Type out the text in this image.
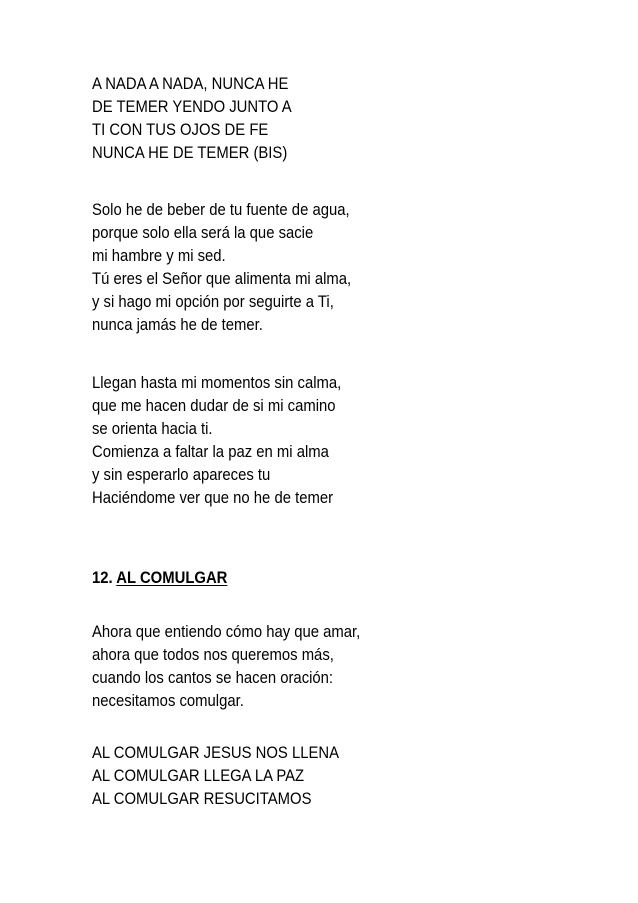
A NADA A NADA, NUNCA HE
DE TEMER YENDO JUNTO A
TI CON TUS OJOS DE FE
NUNCA HE DE TEMER (BIS)
Solo he de beber de tu fuente de agua,
porque solo ella será la que sacie
mi hambre y mi sed.
Tú eres el Señor que alimenta mi alma,
y si hago mi opción por seguirte a Ti,
nunca jamás he de temer.
Llegan hasta mi momentos sin calma,
que me hacen dudar de si mi camino
se orienta hacia ti.
Comienza a faltar la paz en mi alma
y sin esperarlo apareces tu
Haciéndome ver que no he de temer
12. AL COMULGAR
Ahora que entiendo cómo hay que amar,
ahora que todos nos queremos más,
cuando los cantos se hacen oración:
necesitamos comulgar.
AL COMULGAR JESUS NOS LLENA
AL COMULGAR LLEGA LA PAZ
AL COMULGAR RESUCITAMOS
